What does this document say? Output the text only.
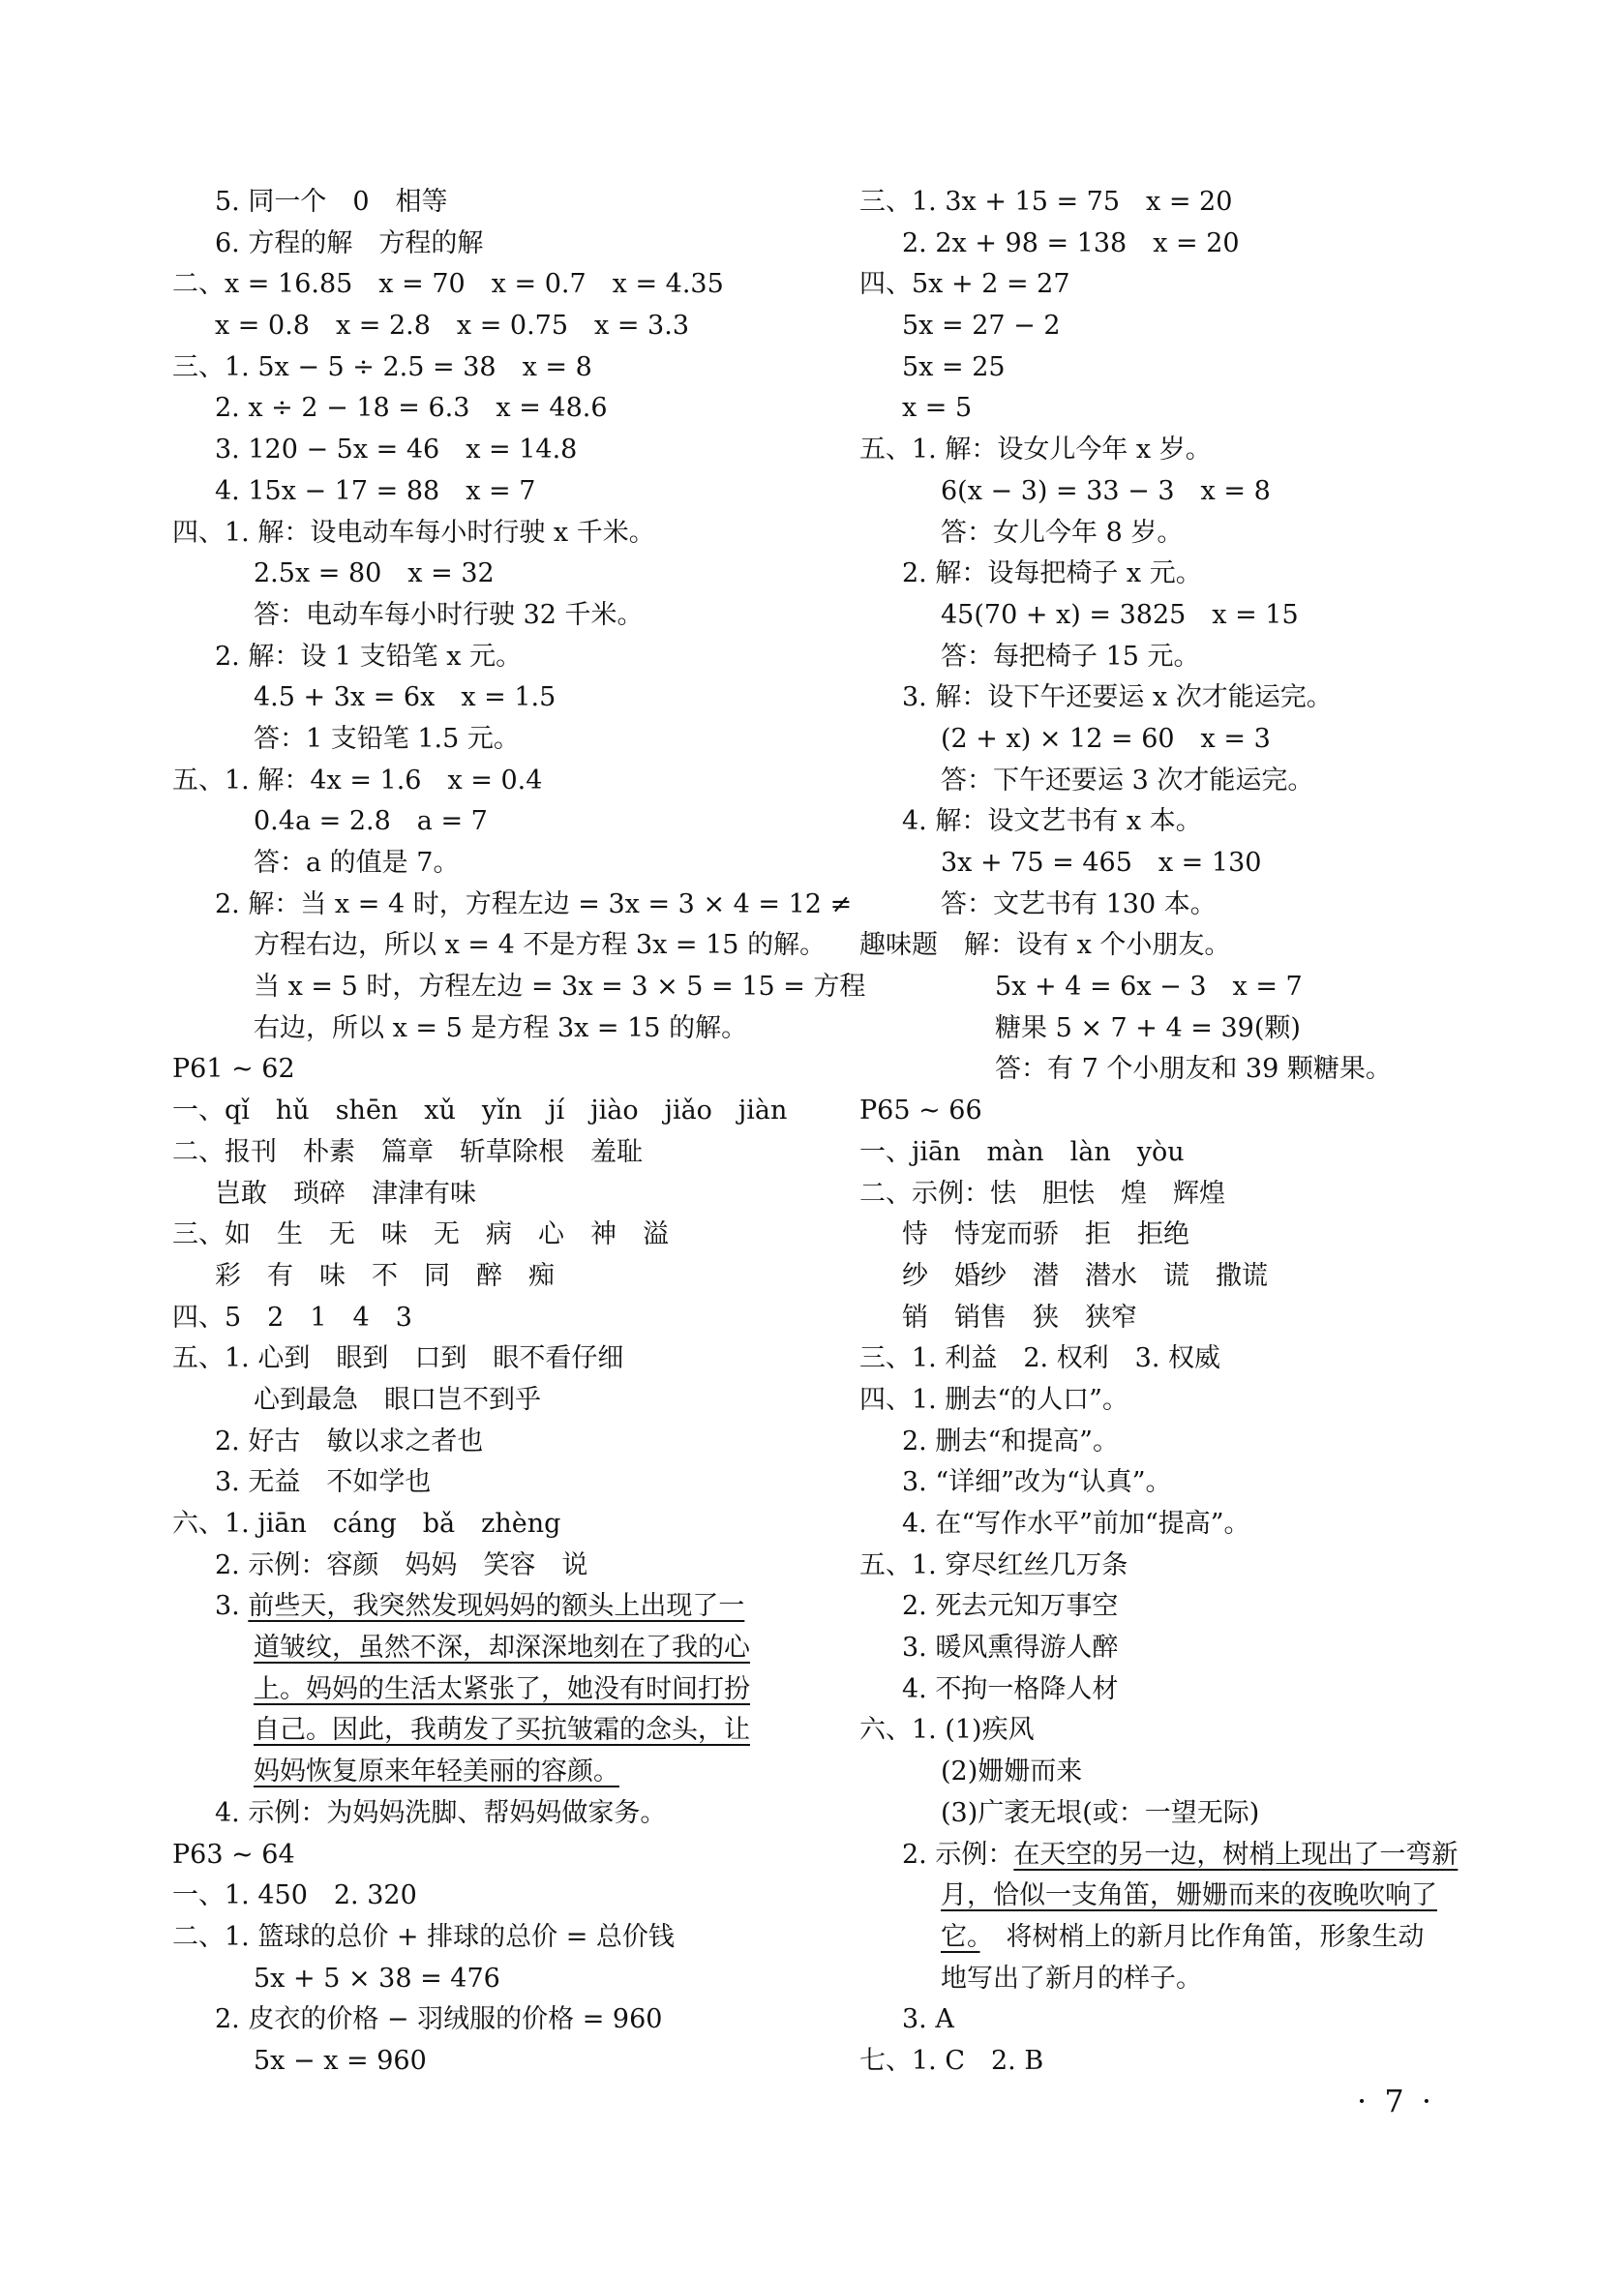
5. 同一个　0　相等
6. 方程的解　方程的解
二、x = 16.85　x = 70　x = 0.7　x = 4.35
x = 0.8　x = 2.8　x = 0.75　x = 3.3
三、1. 5x − 5 ÷ 2.5 = 38　x = 8
2. x ÷ 2 − 18 = 6.3　x = 48.6
3. 120 − 5x = 46　x = 14.8
4. 15x − 17 = 88　x = 7
四、1. 解：设电动车每小时行驶 x 千米。
2.5x = 80　x = 32
答：电动车每小时行驶 32 千米。
2. 解：设 1 支铅笔 x 元。
4.5 + 3x = 6x　x = 1.5
答：1 支铅笔 1.5 元。
五、1. 解：4x = 1.6　x = 0.4
0.4a = 2.8　a = 7
答：a 的值是 7。
2. 解：当 x = 4 时，方程左边 = 3x = 3 × 4 = 12 ≠
方程右边，所以 x = 4 不是方程 3x = 15 的解。
当 x = 5 时，方程左边 = 3x = 3 × 5 = 15 = 方程
右边，所以 x = 5 是方程 3x = 15 的解。
P61 ~ 62
一、qǐ　hǔ　shēn　xǔ　yǐn　jí　jiào　jiǎo　jiàn
二、报刊　朴素　篇章　斩草除根　羞耻
岂敢　琐碎　津津有味
三、如　生　无　味　无　病　心　神　溢
彩　有　味　不　同　醉　痴
四、5　2　1　4　3
五、1. 心到　眼到　口到　眼不看仔细
心到最急　眼口岂不到乎
2. 好古　敏以求之者也
3. 无益　不如学也
六、1. jiān　cáng　bǎ　zhèng
2. 示例：容颜　妈妈　笑容　说
3. 前些天，我突然发现妈妈的额头上出现了一
道皱纹，虽然不深，却深深地刻在了我的心
上。妈妈的生活太紧张了，她没有时间打扮
自己。因此，我萌发了买抗皱霜的念头，让
妈妈恢复原来年轻美丽的容颜。
4. 示例：为妈妈洗脚、帮妈妈做家务。
P63 ~ 64
一、1. 450　2. 320
二、1. 篮球的总价 + 排球的总价 = 总价钱
5x + 5 × 38 = 476
2. 皮衣的价格 − 羽绒服的价格 = 960
5x − x = 960
三、1. 3x + 15 = 75　x = 20
2. 2x + 98 = 138　x = 20
四、5x + 2 = 27
5x = 27 − 2
5x = 25
x = 5
五、1. 解：设女儿今年 x 岁。
6(x − 3) = 33 − 3　x = 8
答：女儿今年 8 岁。
2. 解：设每把椅子 x 元。
45(70 + x) = 3825　x = 15
答：每把椅子 15 元。
3. 解：设下午还要运 x 次才能运完。
(2 + x) × 12 = 60　x = 3
答：下午还要运 3 次才能运完。
4. 解：设文艺书有 x 本。
3x + 75 = 465　x = 130
答：文艺书有 130 本。
趣味题　解：设有 x 个小朋友。
5x + 4 = 6x − 3　x = 7
糖果 5 × 7 + 4 = 39(颗)
答：有 7 个小朋友和 39 颗糖果。
P65 ~ 66
一、jiān　màn　làn　yòu
二、示例：怯　胆怯　煌　辉煌
恃　恃宠而骄　拒　拒绝
纱　婚纱　潜　潜水　谎　撒谎
销　销售　狭　狭窄
三、1. 利益　2. 权利　3. 权威
四、1. 删去“的人口”。
2. 删去“和提高”。
3. “详细”改为“认真”。
4. 在“写作水平”前加“提高”。
五、1. 穿尽红丝几万条
2. 死去元知万事空
3. 暖风熏得游人醉
4. 不拘一格降人材
六、1. (1)疾风
(2)姗姗而来
(3)广袤无垠(或：一望无际)
2. 示例：在天空的另一边，树梢上现出了一弯新
月，恰似一支角笛，姗姗而来的夜晚吹响了
它。　将树梢上的新月比作角笛，形象生动
地写出了新月的样子。
3. A
七、1. C　2. B
· 7 ·
